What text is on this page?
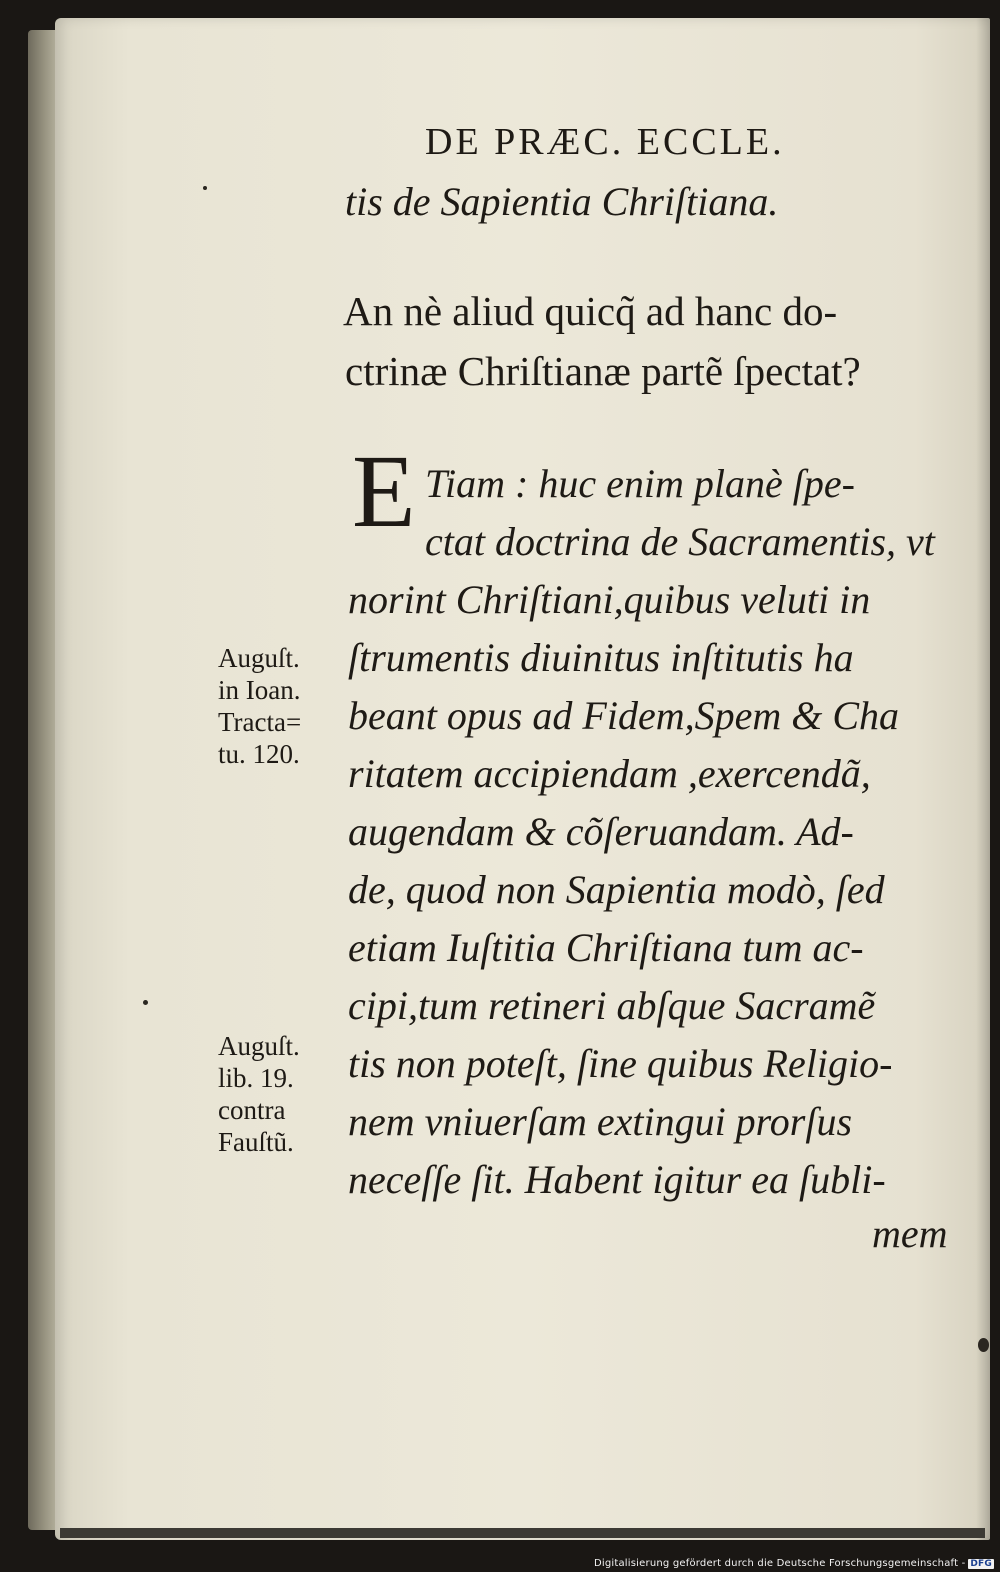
DE PRÆC. ECCLE.
tis de Sapientia Chriſtiana.
An nè aliud quicq̃ ad hanc do-
ctrinæ Chriſtianæ partẽ ſpectat?
E Tiam : huc enim planè ſpe-
ctat doctrina de Sacramentis, vt
norint Chriſtiani,quibus veluti in
ſtrumentis diuinitus inſtitutis ha
beant opus ad Fidem,Spem & Cha
ritatem accipiendam ,exercendã,
augendam & cõſeruandam. Ad-
de, quod non Sapientia modò, ſed
etiam Iuſtitia Chriſtiana tum ac-
cipi,tum retineri abſque Sacramẽ
tis non poteſt, ſine quibus Religio-
nem vniuerſam extingui prorſus
neceſſe ſit. Habent igitur ea ſubli-
mem
Auguſt.
in Ioan.
Tracta=
tu. 120.
Auguſt.
lib. 19.
contra
Fauſtũ.
Digitalisierung gefördert durch die Deutsche Forschungsgemeinschaft - DFG
